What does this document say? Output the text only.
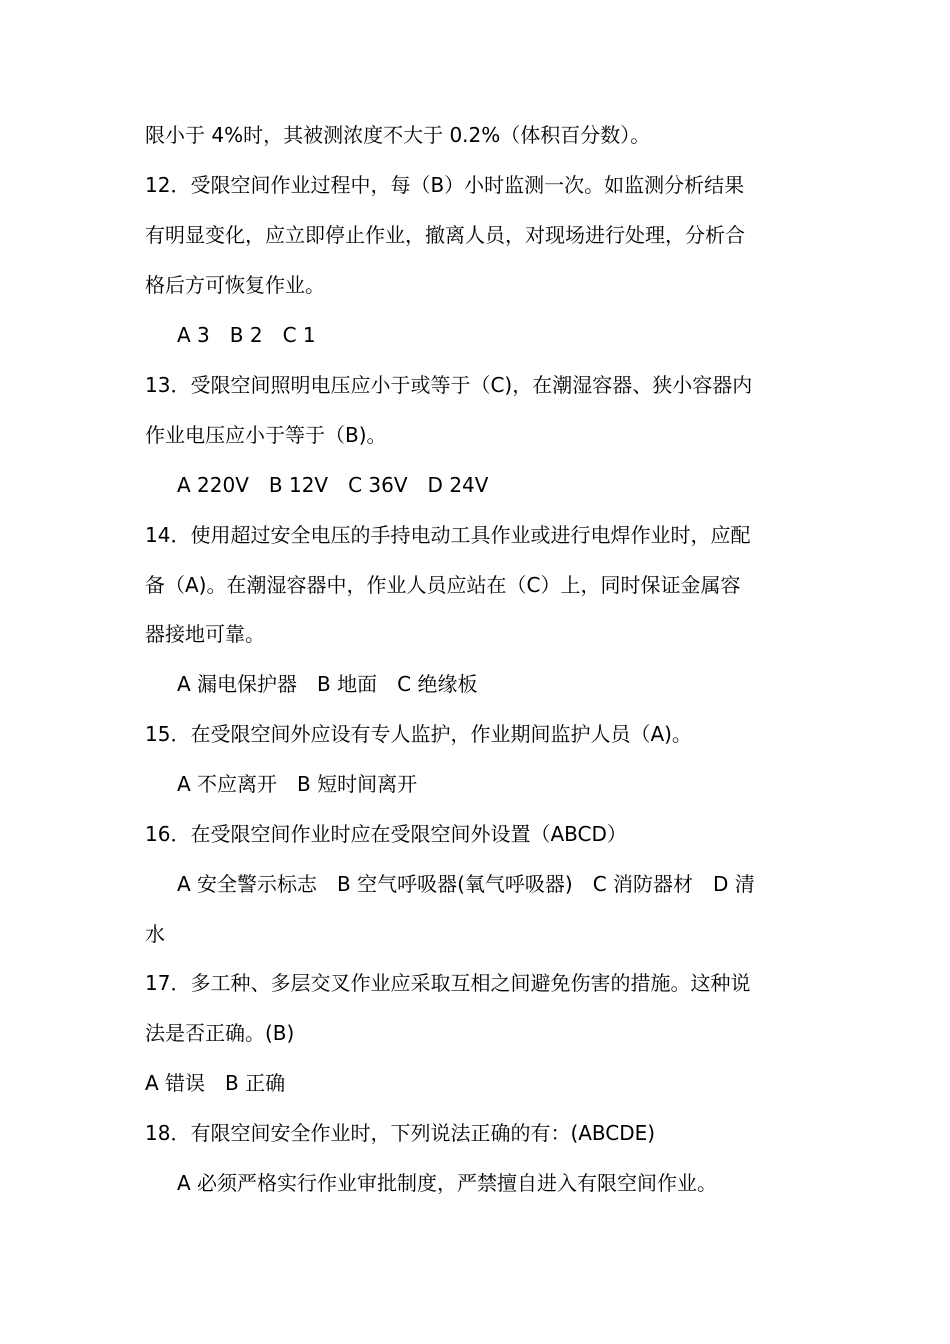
限小于 4%时，其被测浓度不大于 0.2%（体积百分数）。
12．受限空间作业过程中，每（B）小时监测一次。如监测分析结果
有明显变化，应立即停止作业，撤离人员，对现场进行处理，分析合
格后方可恢复作业。
A 3　B 2　C 1
13．受限空间照明电压应小于或等于（C)，在潮湿容器、狭小容器内
作业电压应小于等于（B)。
A 220V　B 12V　C 36V　D 24V
14．使用超过安全电压的手持电动工具作业或进行电焊作业时，应配
备（A)。在潮湿容器中，作业人员应站在（C）上，同时保证金属容
器接地可靠。
A 漏电保护器　B 地面　C 绝缘板
15．在受限空间外应设有专人监护，作业期间监护人员（A)。
A 不应离开　B 短时间离开
16．在受限空间作业时应在受限空间外设置（ABCD）
A 安全警示标志　B 空气呼吸器(氧气呼吸器)　C 消防器材　D 清
水
17．多工种、多层交叉作业应采取互相之间避免伤害的措施。这种说
法是否正确。(B)
A 错误　B 正确
18．有限空间安全作业时，下列说法正确的有：(ABCDE)
A 必须严格实行作业审批制度，严禁擅自进入有限空间作业。
